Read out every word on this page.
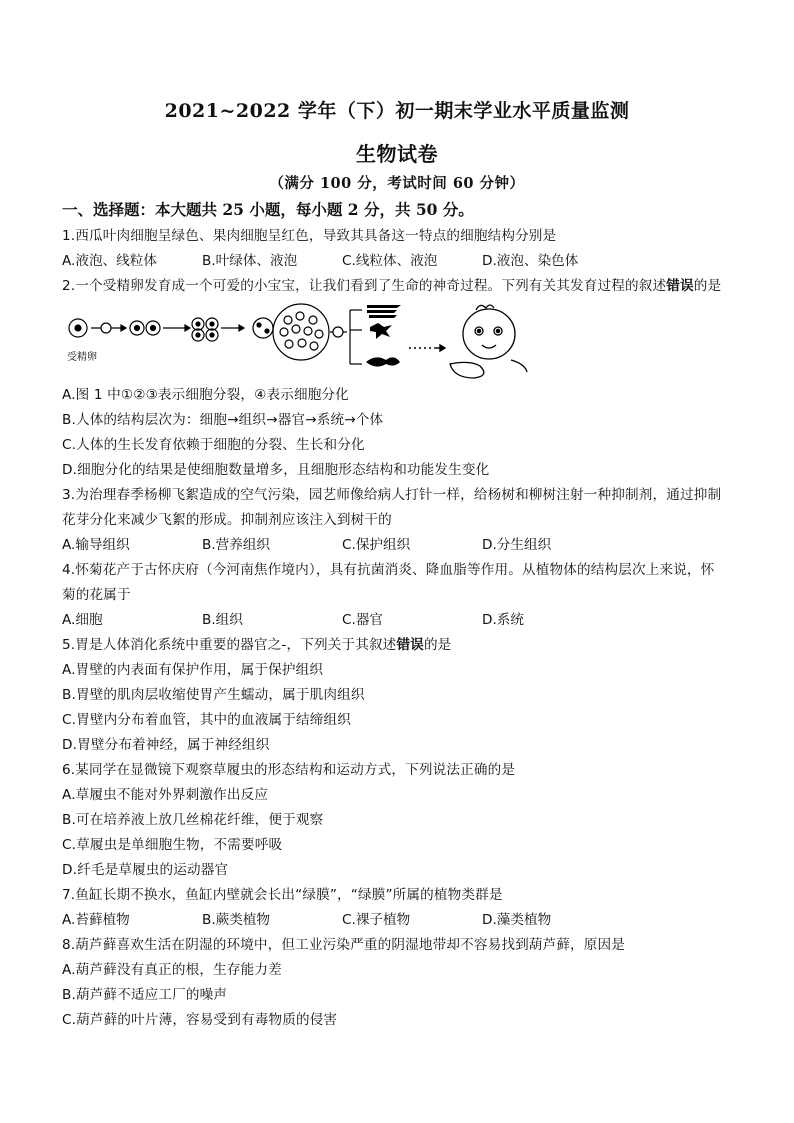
2021~2022 学年（下）初一期末学业水平质量监测
生物试卷
（满分 100 分，考试时间 60 分钟）
一、选择题：本大题共 25 小题，每小题 2 分，共 50 分。
1.西瓜叶肉细胞呈绿色、果肉细胞呈红色，导致其具备这一特点的细胞结构分别是
A.液泡、线粒体	B.叶绿体、液泡	C.线粒体、液泡	D.液泡、染色体
2.一个受精卵发育成一个可爱的小宝宝，让我们看到了生命的神奇过程。下列有关其发育过程的叙述错误的是
受精卵
A.图 1 中①②③表示细胞分裂，④表示细胞分化
B.人体的结构层次为：细胞→组织→器官→系统→个体
C.人体的生长发育依赖于细胞的分裂、生长和分化
D.细胞分化的结果是使细胞数量增多，且细胞形态结构和功能发生变化
3.为治理春季杨柳飞絮造成的空气污染，园艺师像给病人打针一样，给杨树和柳树注射一种抑制剂，通过抑制
花芽分化来减少飞絮的形成。抑制剂应该注入到树干的
A.输导组织	B.营养组织	C.保护组织	D.分生组织
4.怀菊花产于古怀庆府（今河南焦作境内），具有抗菌消炎、降血脂等作用。从植物体的结构层次上来说，怀
菊的花属于
A.细胞	B.组织	C.器官	D.系统
5.胃是人体消化系统中重要的器官之-，下列关于其叙述错误的是
A.胃壁的内表面有保护作用，属于保护组织
B.胃壁的肌肉层收缩使胃产生蠕动，属于肌肉组织
C.胃壁内分布着血管，其中的血液属于结缔组织
D.胃壁分布着神经，属于神经组织
6.某同学在显微镜下观察草履虫的形态结构和运动方式，下列说法正确的是
A.草履虫不能对外界刺激作出反应
B.可在培养液上放几丝棉花纤维，便于观察
C.草履虫是单细胞生物，不需要呼吸
D.纤毛是草履虫的运动器官
7.鱼缸长期不换水，鱼缸内壁就会长出“绿膜”，“绿膜”所属的植物类群是
A.苔藓植物	B.蕨类植物	C.裸子植物	D.藻类植物
8.葫芦藓喜欢生活在阴湿的环境中，但工业污染严重的阴湿地带却不容易找到葫芦藓，原因是
A.葫芦藓没有真正的根，生存能力差
B.葫芦藓不适应工厂的噪声
C.葫芦藓的叶片薄，容易受到有毒物质的侵害
